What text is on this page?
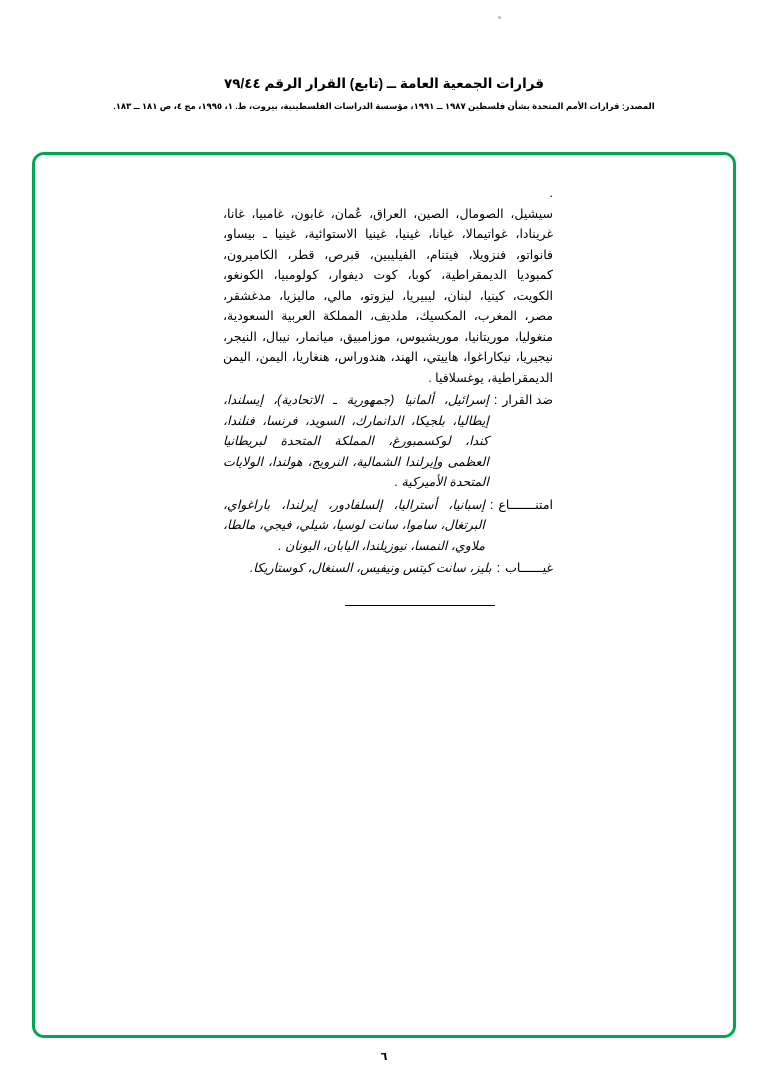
قرارات الجمعية العامة ــ (تابع) القرار الرقم ٧٩/٤٤
المصدر: قرارات الأمم المتحدة بشأن فلسطين ١٩٨٧ ــ ١٩٩١، مؤسسة الدراسات الفلسطينية، بيروت، ط. ١، ١٩٩٥، مج ٤، ص ١٨١ ــ ١٨٣.

.

سيشيل، الصومال، الصين، العراق، عُمان، غابون، غامبيا، غانا، غرينادا، غواتيمالا، غيانا، غينيا، غينيا الاستوائية، غينيا ـ بيساو، فانواتو، فنزويلا، فيتنام، الفيليبين، قبرص، قطر، الكاميرون، كمبوديا الديمقراطية، كوبا، كوت ديفوار، كولومبيا، الكونغو، الكويت، كينيا، لبنان، ليبيريا، ليزوتو، مالي، ماليزيا، مدغشقر، مصر، المغرب، المكسيك، ملديف، المملكة العربية السعودية، منغوليا، موريتانيا، موريشيوس، موزامبيق، ميانمار، نيبال، النيجر، نيجيريا، نيكاراغوا، هاييتي، الهند، هندوراس، هنغاريا، اليمن، اليمن الديمقراطية، يوغسلافيا .

ضد القرار
:
إسرائيل، ألمانيا (جمهورية ـ الاتحادية)، إيسلندا، إيطاليا، بلجيكا، الدانمارك، السويد، فرنسا، فنلندا، كندا، لوكسمبورغ، المملكة المتحدة لبريطانيا العظمى وإيرلندا الشمالية، النرويج، هولندا، الولايات المتحدة الأميركية .
امتنـــــــاع
:
إسبانيا، أستراليا، إلسلفادور، إيرلندا، باراغواي، البرتغال، ساموا، سانت لوسيا، شيلي، فيجي، مالطا، ملاوي، النمسا، نيوزيلندا، اليابان، اليونان .
غيــــــاب
:
بليز، سانت كيتس ونيفيس، السنغال، كوستاريكا.
٦
